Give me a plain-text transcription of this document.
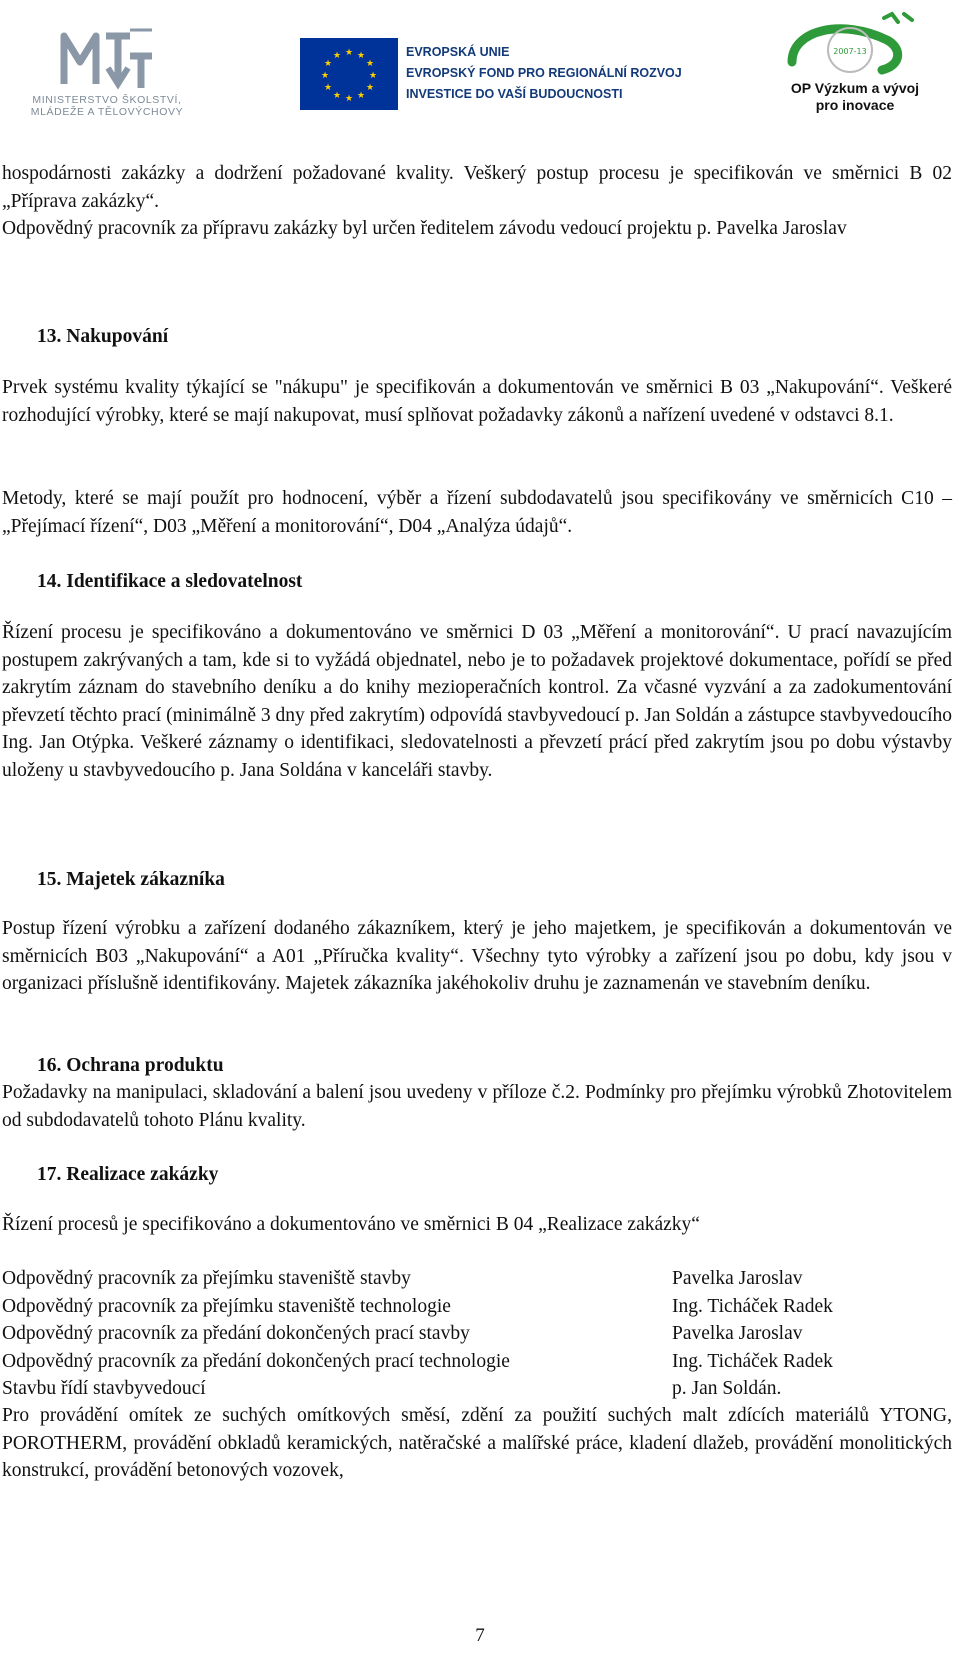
MINISTERSTVO ŠKOLSTVÍ,
MLÁDEŽE A TĚLOVÝCHOVY
★ ★
★
★
★
★
★
★
★
★
★
★	EVROPSKÁ UNIE
EVROPSKÝ FOND PRO REGIONÁLNÍ ROZVOJ
INVESTICE DO VAŠÍ BUDOUCNOSTI
2007-13
OP Výzkum a vývoj
pro inovace

hospodárnosti zakázky a dodržení požadované kvality. Veškerý postup procesu je specifikován ve směrnici B 02 „Příprava zakázky“.

Odpovědný pracovník za přípravu zakázky byl určen ředitelem závodu vedoucí projektu p. Pavelka Jaroslav

13. Nakupování

Prvek systému kvality týkající se "nákupu" je specifikován a dokumentován ve směrnici B 03 „Nakupování“. Veškeré rozhodující výrobky, které se mají nakupovat, musí splňovat požadavky zákonů a nařízení uvedené v odstavci 8.1.

Metody, které se mají použít pro hodnocení, výběr a řízení subdodavatelů jsou specifikovány ve směrnicích C10 – „Přejímací řízení“, D03 „Měření a monitorování“, D04 „Analýza údajů“.

14. Identifikace a sledovatelnost

Řízení procesu je specifikováno a dokumentováno ve směrnici D 03 „Měření a monitorování“. U prací navazujícím postupem zakrývaných a tam, kde si to vyžádá objednatel, nebo je to požadavek projektové dokumentace, pořídí se před zakrytím záznam do stavebního deníku a do knihy mezioperačních kontrol. Za včasné vyzvání a za zadokumentování převzetí těchto prací (minimálně 3 dny před zakrytím) odpovídá stavbyvedoucí p. Jan Soldán a zástupce stavbyvedoucího Ing. Jan Otýpka. Veškeré záznamy o identifikaci, sledovatelnosti a převzetí prácí před zakrytím jsou po dobu výstavby uloženy u stavbyvedoucího p. Jana Soldána v kanceláři stavby.

15. Majetek zákazníka

Postup řízení výrobku a zařízení dodaného zákazníkem, který je jeho majetkem, je specifikován a dokumentován ve směrnicích B03 „Nakupování“ a A01 „Příručka kvality“. Všechny tyto výrobky a zařízení jsou po dobu, kdy jsou v organizaci příslušně identifikovány. Majetek zákazníka jakéhokoliv druhu je zaznamenán ve stavebním deníku.

16. Ochrana produktu

Požadavky na manipulaci, skladování a balení jsou uvedeny v příloze č.2. Podmínky pro přejímku výrobků Zhotovitelem od subdodavatelů tohoto Plánu kvality.

17. Realizace zakázky

Řízení procesů je specifikováno a dokumentováno ve směrnici B 04 „Realizace zakázky“

Odpovědný pracovník za přejímku staveniště stavby	Pavelka Jaroslav
Odpovědný pracovník za přejímku staveniště technologie	Ing. Ticháček Radek
Odpovědný pracovník za předání dokončených prací stavby	Pavelka Jaroslav
Odpovědný pracovník za předání dokončených prací technologie	Ing. Ticháček Radek
Stavbu řídí stavbyvedoucí	p. Jan Soldán.

Pro provádění omítek ze suchých omítkových směsí, zdění za použití suchých malt zdících materiálů YTONG, POROTHERM, provádění obkladů keramických, natěračské a malířské práce, kladení dlažeb, provádění monolitických konstrukcí, provádění betonových vozovek,

7
